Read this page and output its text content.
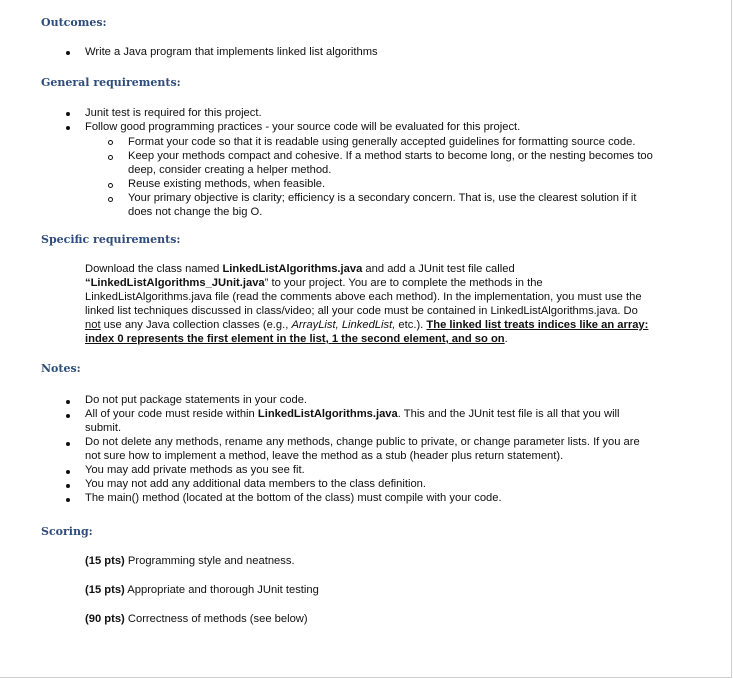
Outcomes:
Write a Java program that implements linked list algorithms
General requirements:
Junit test is required for this project.
Follow good programming practices - your source code will be evaluated for this project.
Format your code so that it is readable using generally accepted guidelines for formatting source code.
Keep your methods compact and cohesive. If a method starts to become long, or the nesting becomes too
deep, consider creating a helper method.
Reuse existing methods, when feasible.
Your primary objective is clarity; efficiency is a secondary concern. That is, use the clearest solution if it
does not change the big O.
Specific requirements:
Download the class named LinkedListAlgorithms.java and add a JUnit test file called
“LinkedListAlgorithms_JUnit.java” to your project. You are to complete the methods in the
LinkedListAlgorithms.java file (read the comments above each method). In the implementation, you must use the
linked list techniques discussed in class/video; all your code must be contained in LinkedListAlgorithms.java. Do
not use any Java collection classes (e.g., ArrayList, LinkedList, etc.). The linked list treats indices like an array:
index 0 represents the first element in the list, 1 the second element, and so on.
Notes:
Do not put package statements in your code.
All of your code must reside within LinkedListAlgorithms.java. This and the JUnit test file is all that you will
submit.
Do not delete any methods, rename any methods, change public to private, or change parameter lists. If you are
not sure how to implement a method, leave the method as a stub (header plus return statement).
You may add private methods as you see fit.
You may not add any additional data members to the class definition.
The main() method (located at the bottom of the class) must compile with your code.
Scoring:
(15 pts) Programming style and neatness.
(15 pts) Appropriate and thorough JUnit testing
(90 pts) Correctness of methods (see below)
